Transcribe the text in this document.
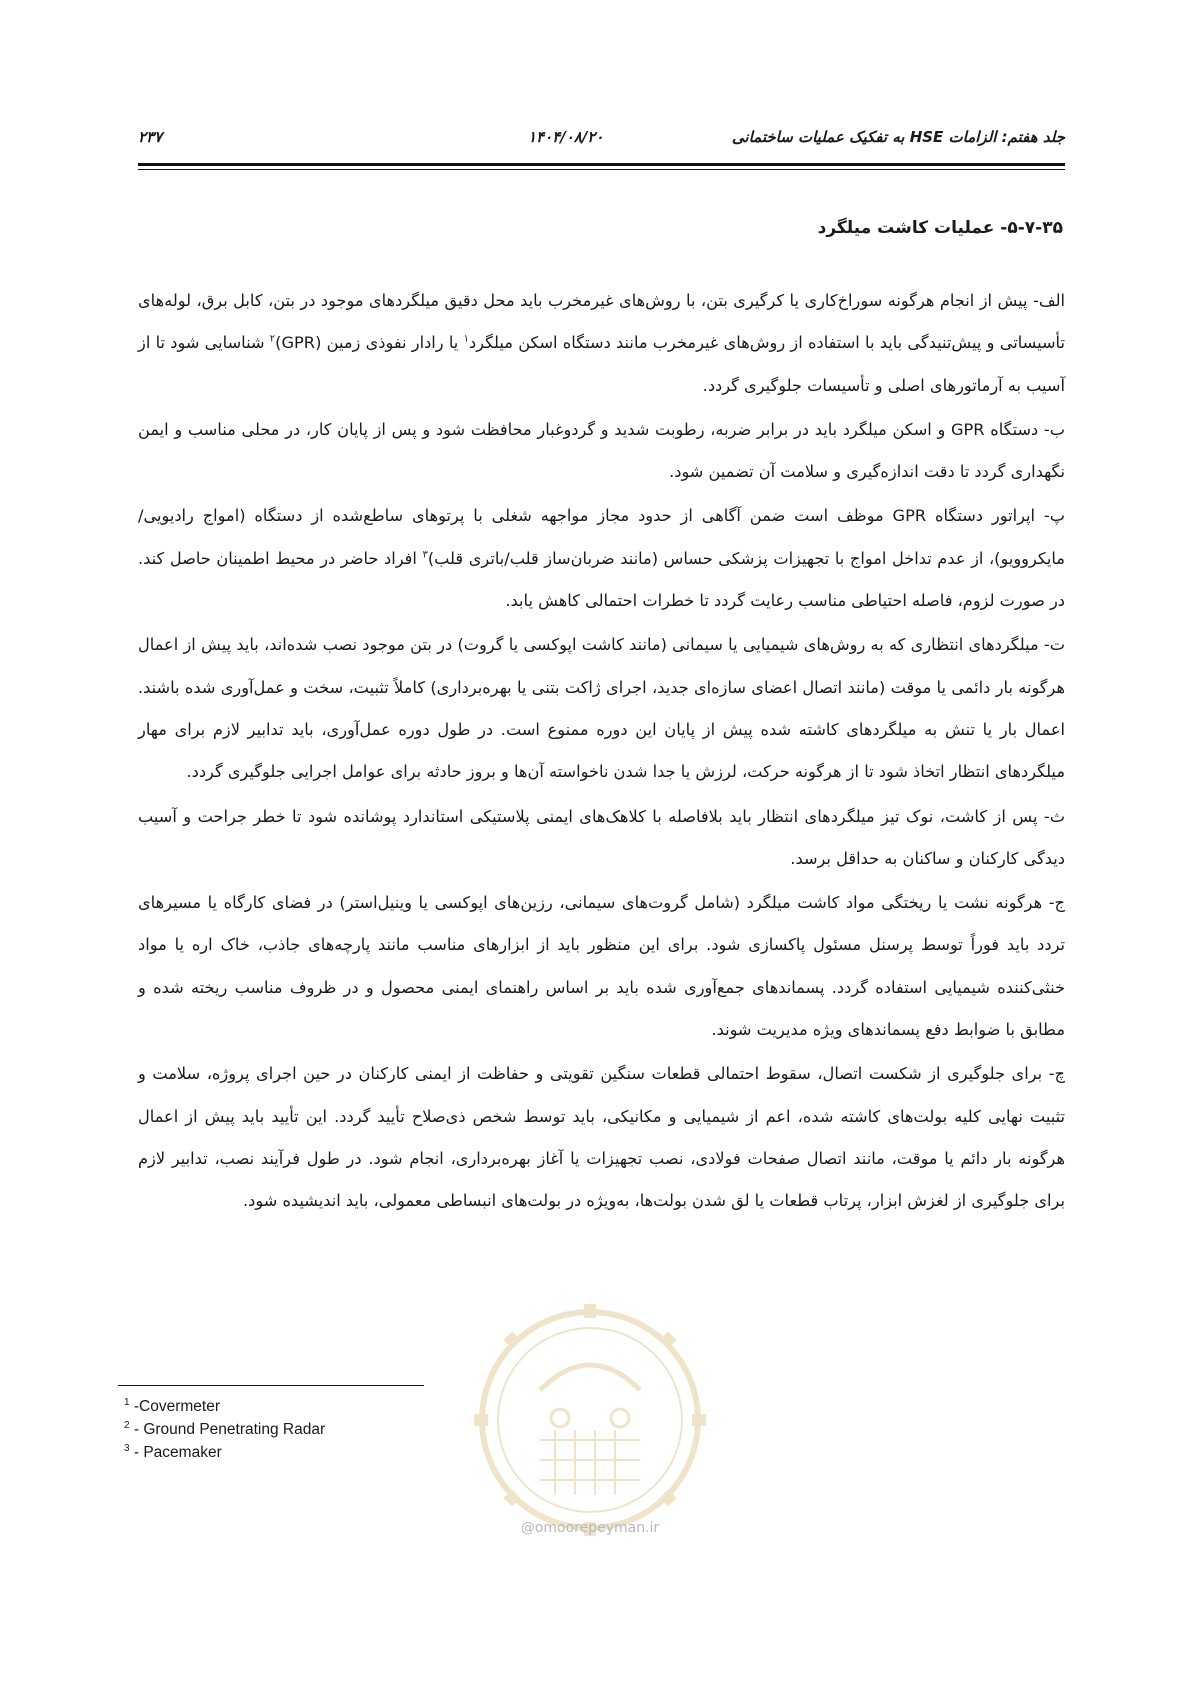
۲۳۷	۱۴۰۴/۰۸/۲۰	جلد هفتم: الزامات HSE به تفکیک عملیات ساختمانی
۵-۷-۳۵- عملیات کاشت میلگرد

الف- پیش از انجام هرگونه سوراخ‌کاری یا کرگیری بتن، با روش‌های غیرمخرب باید محل دقیق میلگردهای موجود در بتن، کابل برق، لوله‌های تأسیساتی و پیش‌تنیدگی باید با استفاده از روش‌های غیرمخرب مانند دستگاه اسکن میلگرد$^۱$ یا رادار نفوذی زمین (GPR)$^۲$ شناسایی شود تا از آسیب به آرماتورهای اصلی و تأسیسات جلوگیری گردد.

ب- دستگاه GPR و اسکن میلگرد باید در برابر ضربه، رطوبت شدید و گردوغبار محافظت شود و پس از پایان کار، در محلی مناسب و ایمن نگهداری گردد تا دقت اندازه‌گیری و سلامت آن تضمین شود.

پ- اپراتور دستگاه GPR موظف است ضمن آگاهی از حدود مجاز مواجهه شغلی با پرتوهای ساطع‌شده از دستگاه (امواج رادیویی/مایکروویو)، از عدم تداخل امواج با تجهیزات پزشکی حساس (مانند ضربان‌ساز قلب/باتری قلب)$^۳$ افراد حاضر در محیط اطمینان حاصل کند. در صورت لزوم، فاصله احتیاطی مناسب رعایت گردد تا خطرات احتمالی کاهش یابد.

ت- میلگردهای انتظاری که به روش‌های شیمیایی یا سیمانی (مانند کاشت اپوکسی یا گروت) در بتن موجود نصب شده‌اند، باید پیش از اعمال هرگونه بار دائمی یا موقت (مانند اتصال اعضای سازه‌ای جدید، اجرای ژاکت بتنی یا بهره‌برداری) کاملاً تثبیت، سخت و عمل‌آوری شده باشند. اعمال بار یا تنش به میلگردهای کاشته شده پیش از پایان این دوره ممنوع است. در طول دوره عمل‌آوری، باید تدابیر لازم برای مهار میلگردهای انتظار اتخاذ شود تا از هرگونه حرکت، لرزش یا جدا شدن ناخواسته آن‌ها و بروز حادثه برای عوامل اجرایی جلوگیری گردد.

ث- پس از کاشت، نوک تیز میلگردهای انتظار باید بلافاصله با کلاهک‌های ایمنی پلاستیکی استاندارد پوشانده شود تا خطر جراحت و آسیب دیدگی کارکنان و ساکنان به حداقل برسد.

ج- هرگونه نشت یا ریختگی مواد کاشت میلگرد (شامل گروت‌های سیمانی، رزین‌های اپوکسی یا وینیل‌استر) در فضای کارگاه یا مسیرهای تردد باید فوراً توسط پرسنل مسئول پاکسازی شود. برای این منظور باید از ابزارهای مناسب مانند پارچه‌های جاذب، خاک اره یا مواد خنثی‌کننده شیمیایی استفاده گردد. پسماندهای جمع‌آوری شده باید بر اساس راهنمای ایمنی محصول و در ظروف مناسب ریخته شده و مطابق با ضوابط دفع پسماندهای ویژه مدیریت شوند.

چ- برای جلوگیری از شکست اتصال، سقوط احتمالی قطعات سنگین تقویتی و حفاظت از ایمنی کارکنان در حین اجرای پروژه، سلامت و تثبیت نهایی کلیه بولت‌های کاشته شده، اعم از شیمیایی و مکانیکی، باید توسط شخص ذی‌صلاح تأیید گردد. این تأیید باید پیش از اعمال هرگونه بار دائم یا موقت، مانند اتصال صفحات فولادی، نصب تجهیزات یا آغاز بهره‌برداری، انجام شود. در طول فرآیند نصب، تدابیر لازم برای جلوگیری از لغزش ابزار، پرتاب قطعات یا لق شدن بولت‌ها، به‌ویژه در بولت‌های انبساطی معمولی، باید اندیشیده شود.

@omoorepeyman.ir
$^1$ -Covermeter
$^2$ - Ground Penetrating Radar
$^3$ - Pacemaker
